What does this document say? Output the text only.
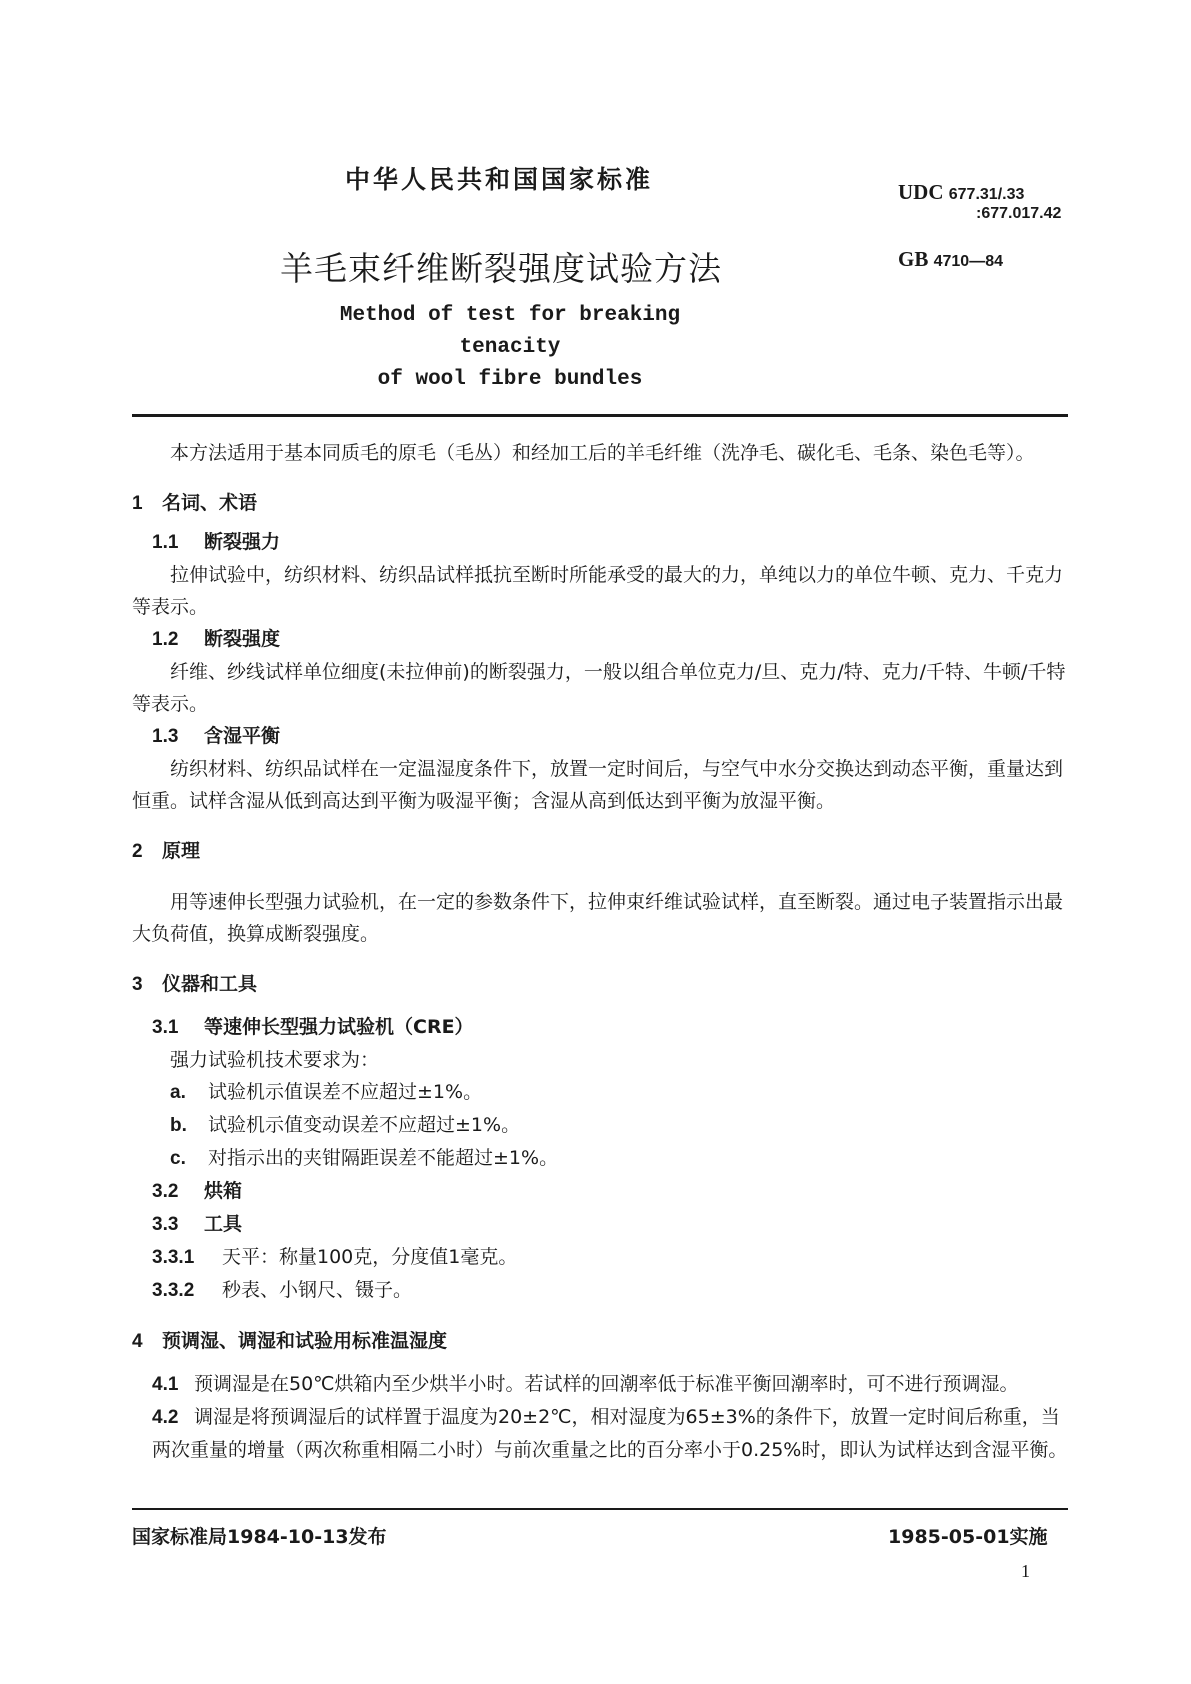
中华人民共和国国家标准	UDC 677.31/.33
:677.017.42
羊毛束纤维断裂强度试验方法	GB 4710—84
Method of test for breaking tenacity
of wool fibre bundles

本方法适用于基本同质毛的原毛（毛丛）和经加工后的羊毛纤维（洗净毛、碳化毛、毛条、染色毛等）。

1 名词、术语

1.1 断裂强力

拉伸试验中，纺织材料、纺织品试样抵抗至断时所能承受的最大的力，单纯以力的单位牛顿、克力、千克力等表示。

1.2 断裂强度

纤维、纱线试样单位细度(未拉伸前)的断裂强力，一般以组合单位克力/旦、克力/特、克力/千特、牛顿/千特等表示。

1.3 含湿平衡

纺织材料、纺织品试样在一定温湿度条件下，放置一定时间后，与空气中水分交换达到动态平衡，重量达到恒重。试样含湿从低到高达到平衡为吸湿平衡；含湿从高到低达到平衡为放湿平衡。

2 原理

用等速伸长型强力试验机，在一定的参数条件下，拉伸束纤维试验试样，直至断裂。通过电子装置指示出最大负荷值，换算成断裂强度。

3 仪器和工具

3.1 等速伸长型强力试验机（CRE）

强力试验机技术要求为：

a. 试验机示值误差不应超过±1%。

b. 试验机示值变动误差不应超过±1%。

c. 对指示出的夹钳隔距误差不能超过±1%。

3.2 烘箱

3.3 工具

3.3.1 天平：称量100克，分度值1毫克。

3.3.2 秒表、小钢尺、镊子。

4 预调湿、调湿和试验用标准温湿度

4.1 预调湿是在50℃烘箱内至少烘半小时。若试样的回潮率低于标准平衡回潮率时，可不进行预调湿。

4.2 调湿是将预调湿后的试样置于温度为20±2℃，相对湿度为65±3%的条件下，放置一定时间后称重，当两次重量的增量（两次称重相隔二小时）与前次重量之比的百分率小于0.25%时，即认为试样达到含湿平衡。

国家标准局1984-10-13发布	1985-05-01实施
1
